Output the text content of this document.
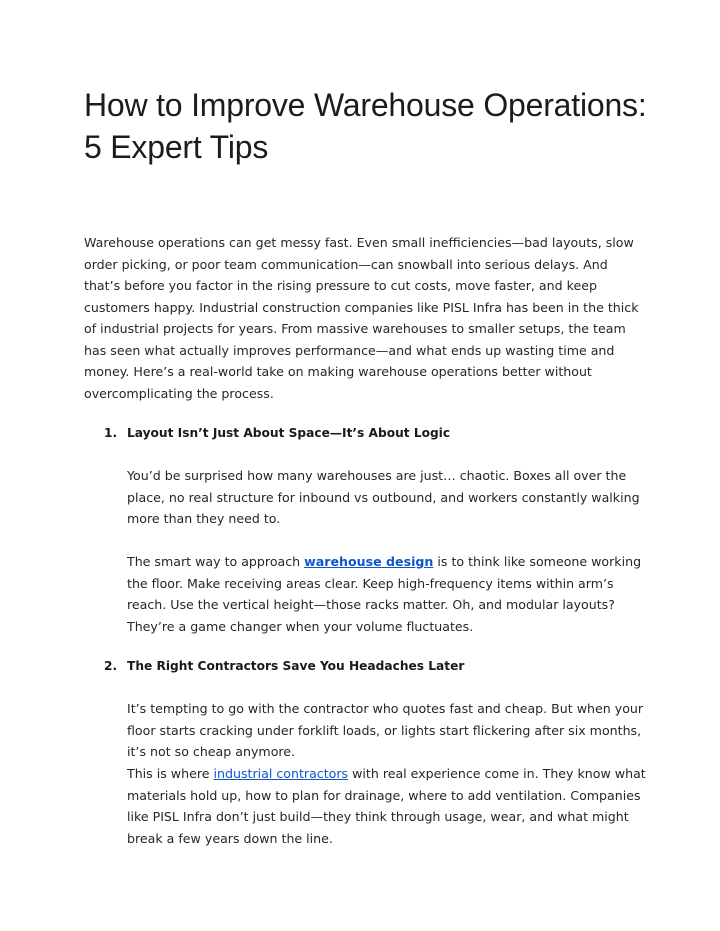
How to Improve Warehouse Operations:
5 Expert Tips

Warehouse operations can get messy fast. Even small inefficiencies—bad layouts, slow order picking, or poor team communication—can snowball into serious delays. And that’s before you factor in the rising pressure to cut costs, move faster, and keep customers happy. Industrial construction companies like PISL Infra has been in the thick of industrial projects for years. From massive warehouses to smaller setups, the team has seen what actually improves performance—and what ends up wasting time and money. Here’s a real-world take on making warehouse operations better without overcomplicating the process.

1. Layout Isn’t Just About Space—It’s About Logic

You’d be surprised how many warehouses are just… chaotic. Boxes all over the place, no real structure for inbound vs outbound, and workers constantly walking more than they need to.

The smart way to approach warehouse design is to think like someone working the floor. Make receiving areas clear. Keep high-frequency items within arm’s reach. Use the vertical height—those racks matter. Oh, and modular layouts? They’re a game changer when your volume fluctuates.

2. The Right Contractors Save You Headaches Later

It’s tempting to go with the contractor who quotes fast and cheap. But when your floor starts cracking under forklift loads, or lights start flickering after six months, it’s not so cheap anymore.

This is where industrial contractors with real experience come in. They know what materials hold up, how to plan for drainage, where to add ventilation. Companies like PISL Infra don’t just build—they think through usage, wear, and what might break a few years down the line.
